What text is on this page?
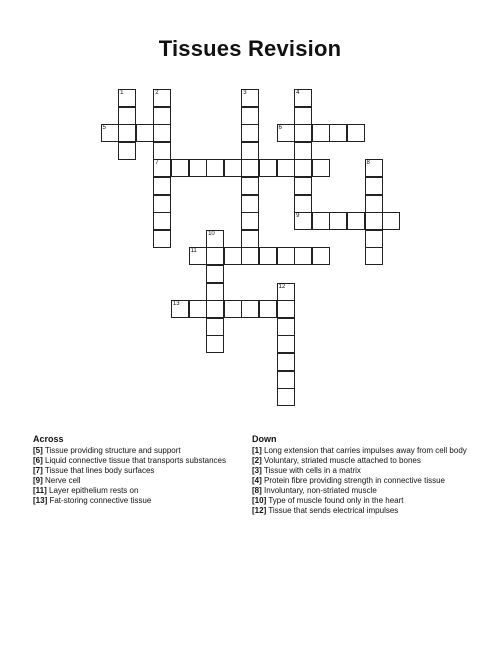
Tissues Revision
1	2
7
3	4
5	6
8
9
10
11
12
13
Across
[5] Tissue providing structure and support
[6] Liquid connective tissue that transports substances
[7] Tissue that lines body surfaces
[9] Nerve cell
[11] Layer epithelium rests on
[13] Fat-storing connective tissue
Down
[1] Long extension that carries impulses away from cell body
[2] Voluntary, striated muscle attached to bones
[3] Tissue with cells in a matrix
[4] Protein fibre providing strength in connective tissue
[8] Involuntary, non-striated muscle
[10] Type of muscle found only in the heart
[12] Tissue that sends electrical impulses
